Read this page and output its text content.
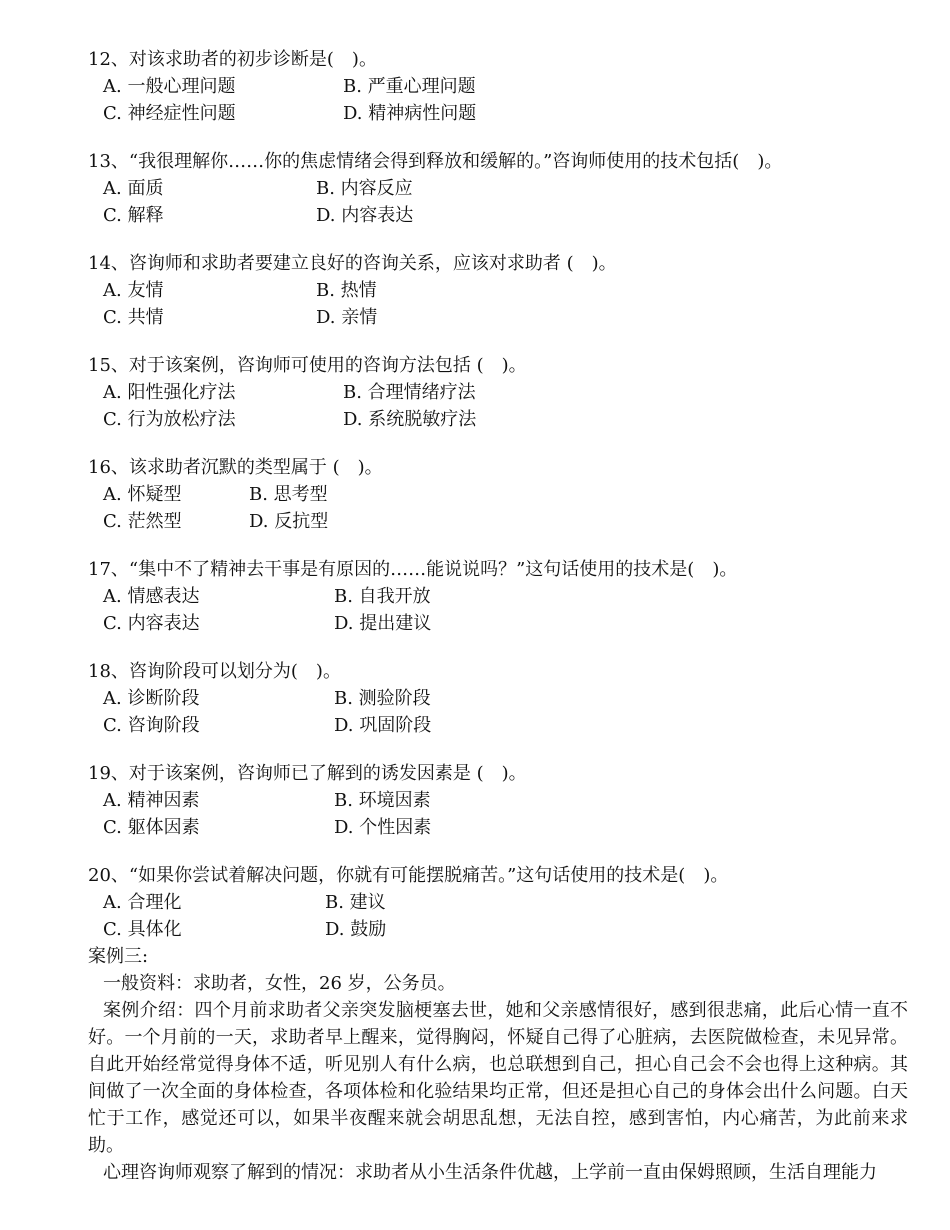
12、对该求助者的初步诊断是(　)。
A. 一般心理问题	B. 严重心理问题
C. 神经症性问题	D. 精神病性问题
13、“我很理解你……你的焦虑情绪会得到释放和缓解的。”咨询师使用的技术包括(　)。
A. 面质	B. 内容反应
C. 解释	D. 内容表达
14、咨询师和求助者要建立良好的咨询关系，应该对求助者 (　)。
A. 友情	B. 热情
C. 共情	D. 亲情
15、对于该案例，咨询师可使用的咨询方法包括 (　)。
A. 阳性强化疗法	B. 合理情绪疗法
C. 行为放松疗法	D. 系统脱敏疗法
16、该求助者沉默的类型属于 (　)。
A. 怀疑型	B. 思考型
C. 茫然型	D. 反抗型
17、“集中不了精神去干事是有原因的……能说说吗？”这句话使用的技术是(　)。
A. 情感表达	B. 自我开放
C. 内容表达	D. 提出建议
18、咨询阶段可以划分为(　)。
A. 诊断阶段	B. 测验阶段
C. 咨询阶段	D. 巩固阶段
19、对于该案例，咨询师已了解到的诱发因素是 (　)。
A. 精神因素	B. 环境因素
C. 躯体因素	D. 个性因素
20、“如果你尝试着解决问题，你就有可能摆脱痛苦。”这句话使用的技术是(　)。
A. 合理化	B. 建议
C. 具体化	D. 鼓励
案例三:
一般资料：求助者，女性，26 岁，公务员。
案例介绍：四个月前求助者父亲突发脑梗塞去世，她和父亲感情很好，感到很悲痛，此后心情一直不好。一个月前的一天，求助者早上醒来，觉得胸闷，怀疑自己得了心脏病，去医院做检查，未见异常。自此开始经常觉得身体不适，听见别人有什么病，也总联想到自己，担心自己会不会也得上这种病。其间做了一次全面的身体检查，各项体检和化验结果均正常，但还是担心自己的身体会出什么问题。白天忙于工作，感觉还可以，如果半夜醒来就会胡思乱想，无法自控，感到害怕，内心痛苦，为此前来求助。
心理咨询师观察了解到的情况：求助者从小生活条件优越，上学前一直由保姆照顾，生活自理能力
